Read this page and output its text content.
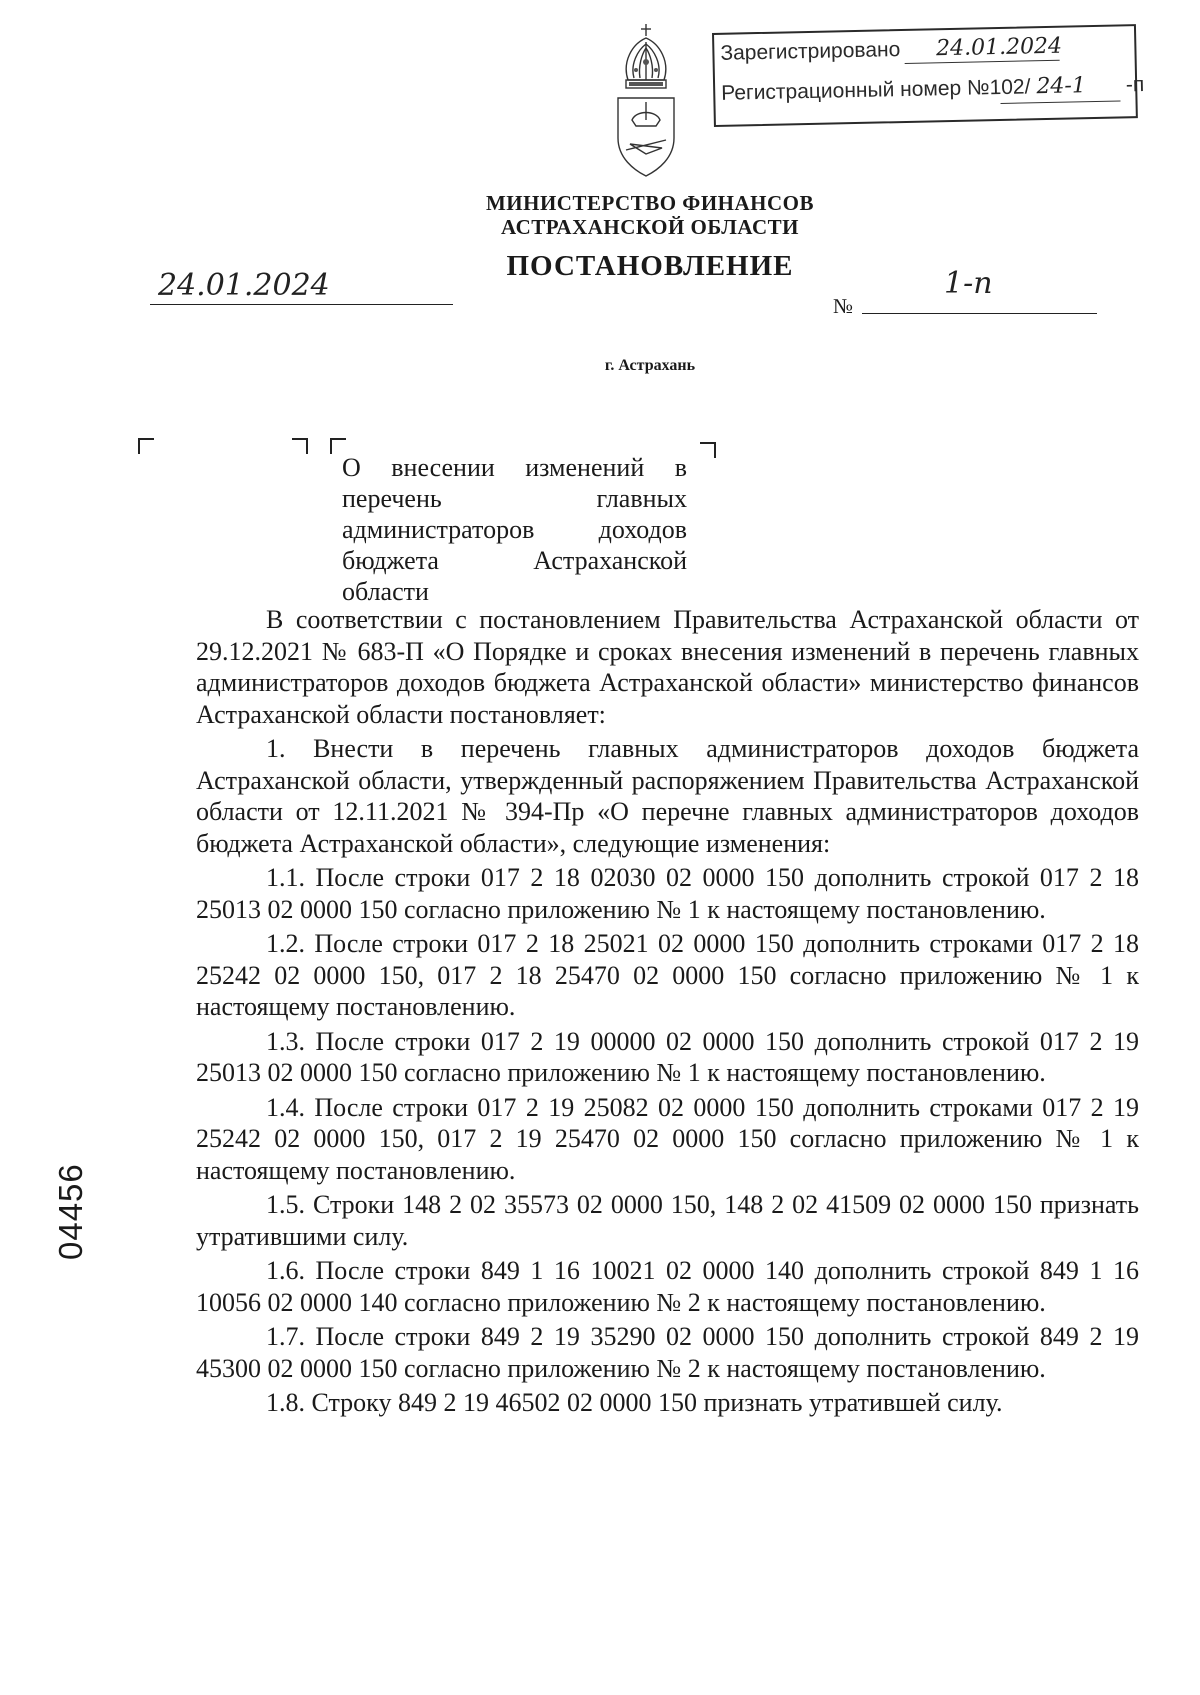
Зарегистрировано 24.01.2024
Регистрационный номер №102/ 24-1 -п
МИНИСТЕРСТВО ФИНАНСОВ
АСТРАХАНСКОЙ ОБЛАСТИ
ПОСТАНОВЛЕНИЕ
24.01.2024
№
1-п
г. Астрахань
О внесении изменений в перечень главных администраторов доходов бюджета Астраханской области

В соответствии с постановлением Правительства Астраханской области от 29.12.2021 № 683-П «О Порядке и сроках внесения изменений в перечень главных администраторов доходов бюджета Астраханской области» министерство финансов Астраханской области постановляет:

1. Внести в перечень главных администраторов доходов бюджета Астраханской области, утвержденный распоряжением Правительства Астраханской области от 12.11.2021 № 394-Пр «О перечне главных администраторов доходов бюджета Астраханской области», следующие изменения:

1.1. После строки 017 2 18 02030 02 0000 150 дополнить строкой 017 2 18 25013 02 0000 150 согласно приложению № 1 к настоящему постановлению.

1.2. После строки 017 2 18 25021 02 0000 150 дополнить строками 017 2 18 25242 02 0000 150, 017 2 18 25470 02 0000 150 согласно приложению № 1 к настоящему постановлению.

1.3. После строки 017 2 19 00000 02 0000 150 дополнить строкой 017 2 19 25013 02 0000 150 согласно приложению № 1 к настоящему постановлению.

1.4. После строки 017 2 19 25082 02 0000 150 дополнить строками 017 2 19 25242 02 0000 150, 017 2 19 25470 02 0000 150 согласно приложению № 1 к настоящему постановлению.

1.5. Строки 148 2 02 35573 02 0000 150, 148 2 02 41509 02 0000 150 признать утратившими силу.

1.6. После строки 849 1 16 10021 02 0000 140 дополнить строкой 849 1 16 10056 02 0000 140 согласно приложению № 2 к настоящему постановлению.

1.7. После строки 849 2 19 35290 02 0000 150 дополнить строкой 849 2 19 45300 02 0000 150 согласно приложению № 2 к настоящему постановлению.

1.8. Строку 849 2 19 46502 02 0000 150 признать утратившей силу.

04456
